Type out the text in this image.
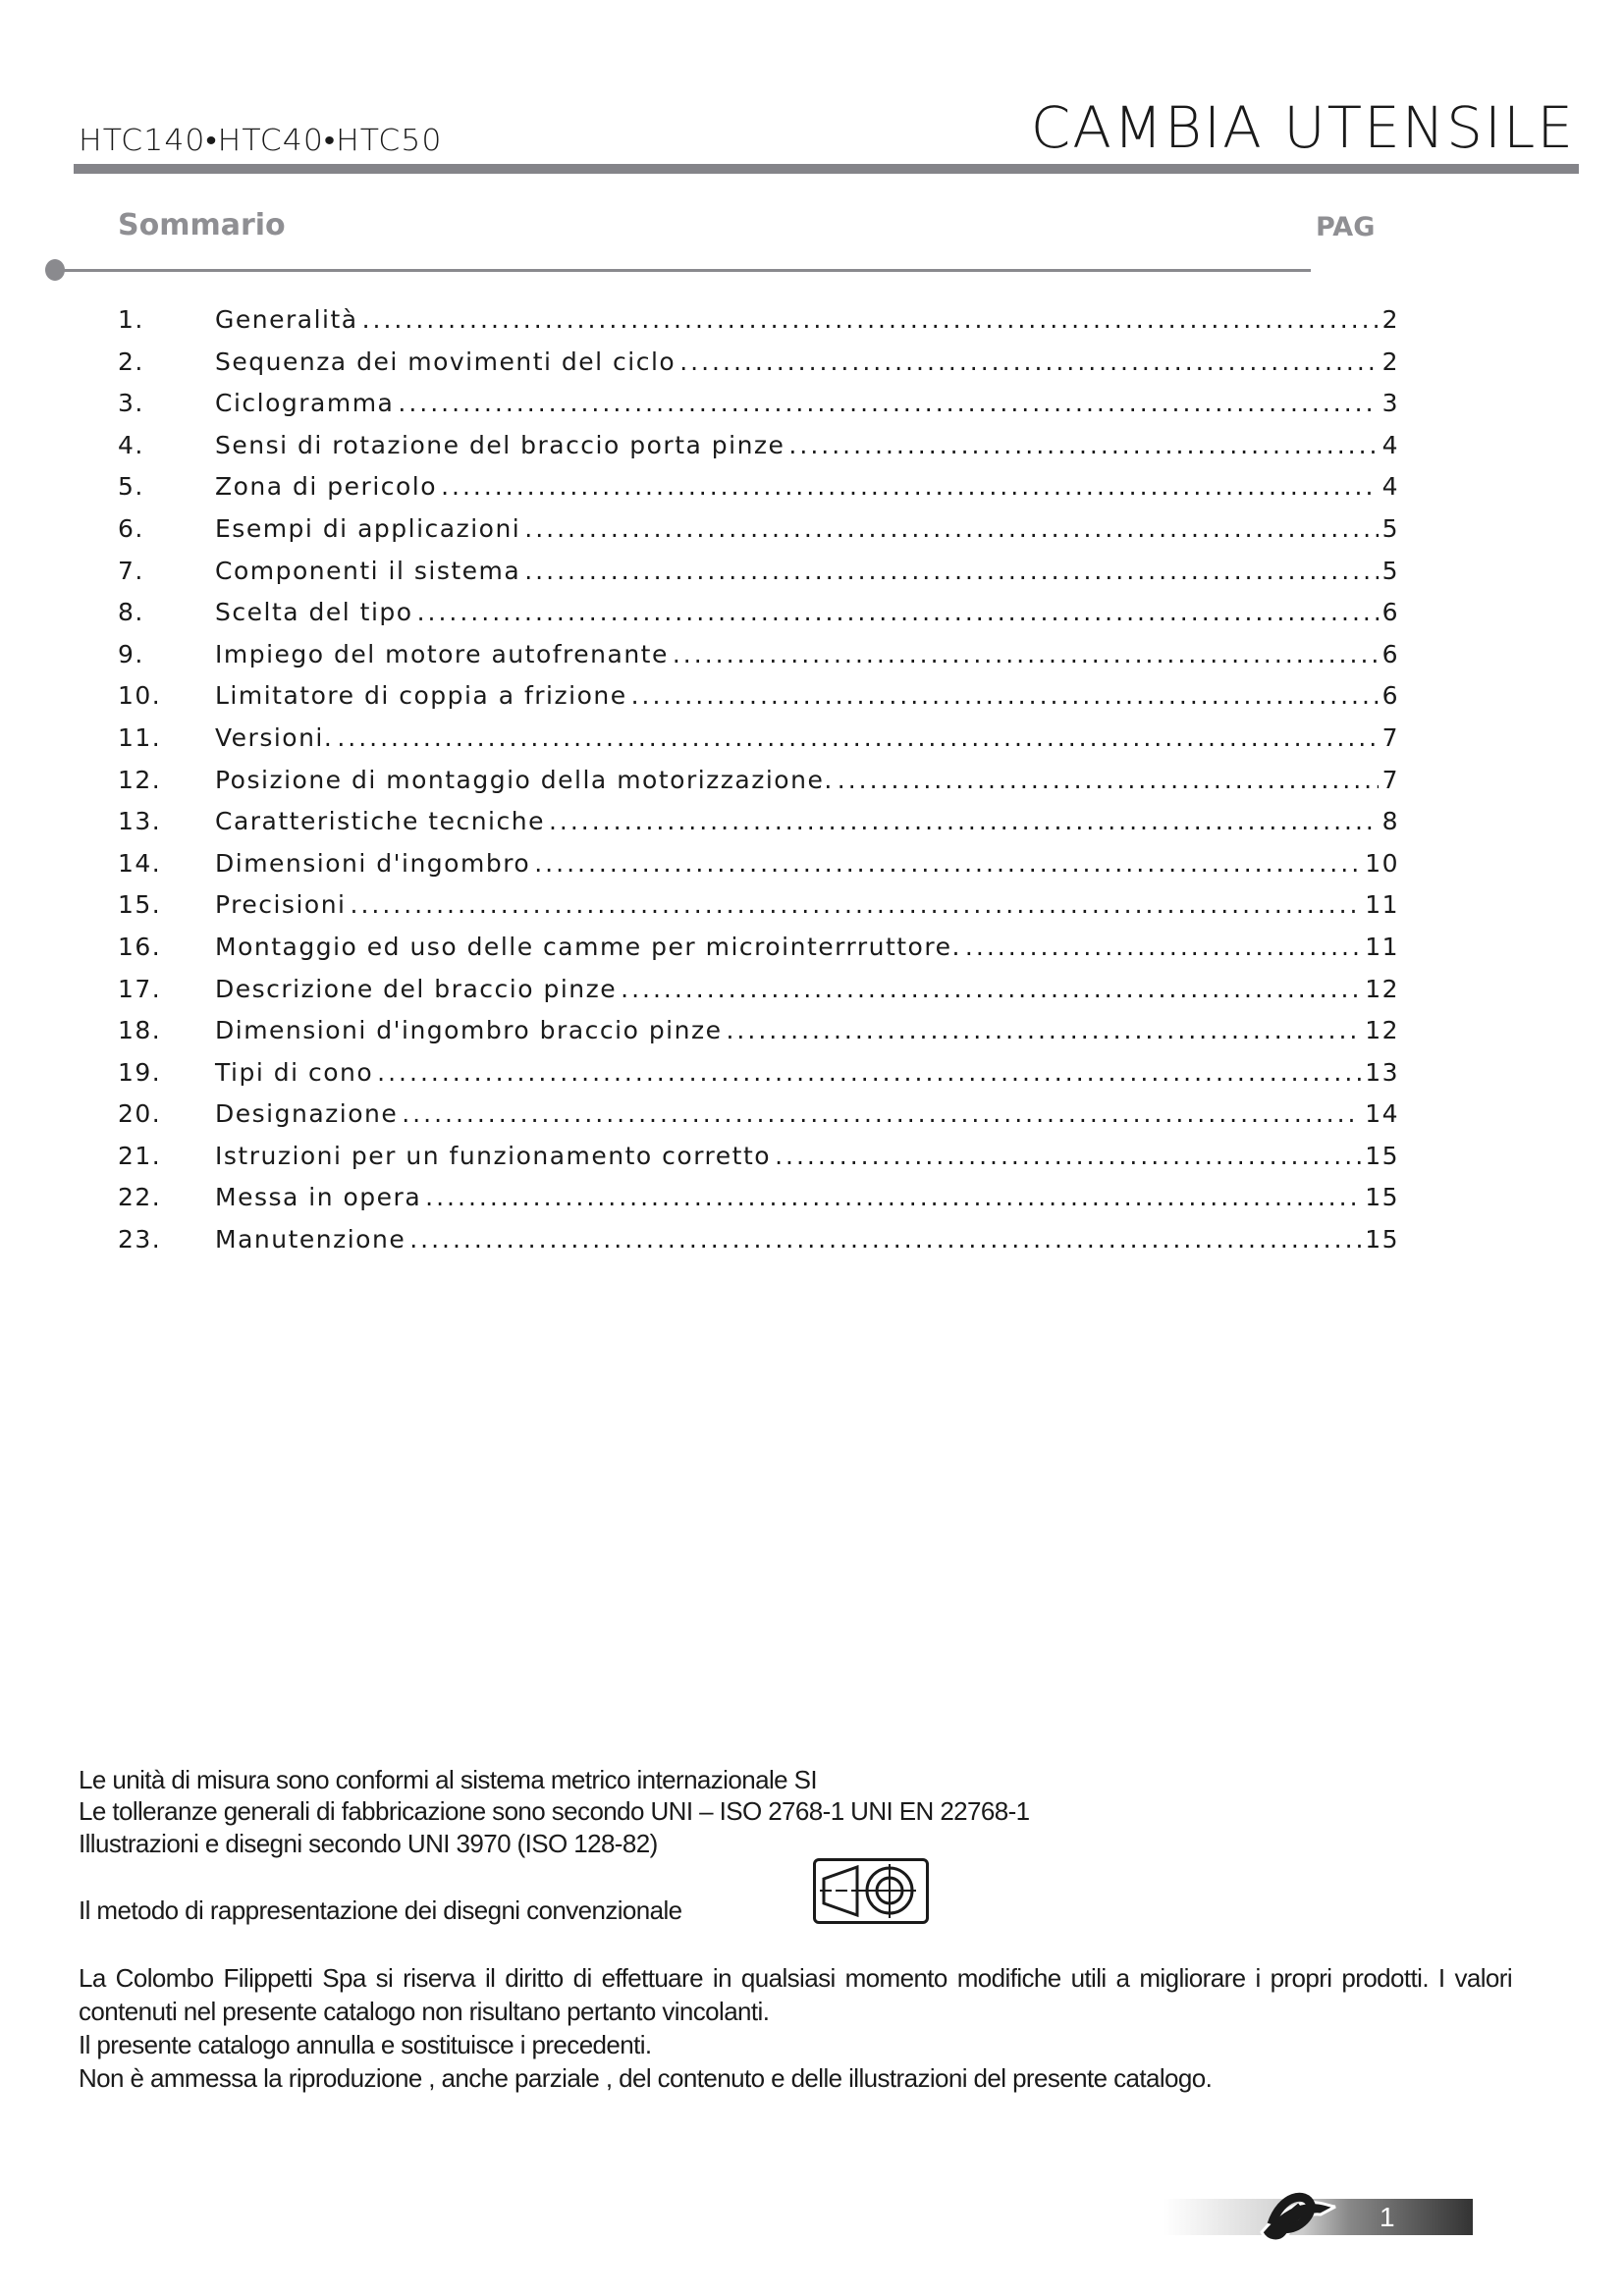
HTC140•HTC40•HTC50	CAMBIA UTENSILE
Sommario	PAG
1.	Generalità .....	2
2.	Sequenza dei movimenti del ciclo .....	2
3.	Ciclogramma .....	3
4.	Sensi di rotazione del braccio porta pinze .....	4
5.	Zona di pericolo .....	4
6.	Esempi di applicazioni .....	5
7.	Componenti il sistema .....	5
8.	Scelta del tipo .....	6
9.	Impiego del motore autofrenante .....	6
10.	Limitatore di coppia a frizione .....	6
11.	Versioni. .....	7
12.	Posizione di montaggio della motorizzazione. .....	7
13.	Caratteristiche tecniche .....	8
14.	Dimensioni d'ingombro .....	10
15.	Precisioni .....	11
16.	Montaggio ed uso delle camme per microinterrruttore. .....	11
17.	Descrizione del braccio pinze .....	12
18.	Dimensioni d'ingombro braccio pinze .....	12
19.	Tipi di cono .....	13
20.	Designazione .....	14
21.	Istruzioni per un funzionamento corretto .....	15
22.	Messa in opera .....	15
23.	Manutenzione .....	15
Le unità di misura sono conformi al sistema metrico internazionale SI
Le tolleranze generali di fabbricazione sono secondo UNI – ISO 2768-1 UNI EN 22768-1
Illustrazioni e disegni secondo UNI 3970 (ISO 128-82)
Il metodo di rappresentazione dei disegni convenzionale

La Colombo Filippetti Spa si riserva il diritto di effettuare in qualsiasi momento modifiche utili a migliorare i propri prodotti. I valori contenuti nel presente catalogo non risultano pertanto vincolanti.

Il presente catalogo annulla e sostituisce i precedenti.

Non è ammessa la riproduzione , anche parziale , del contenuto e delle illustrazioni del presente catalogo.

1
